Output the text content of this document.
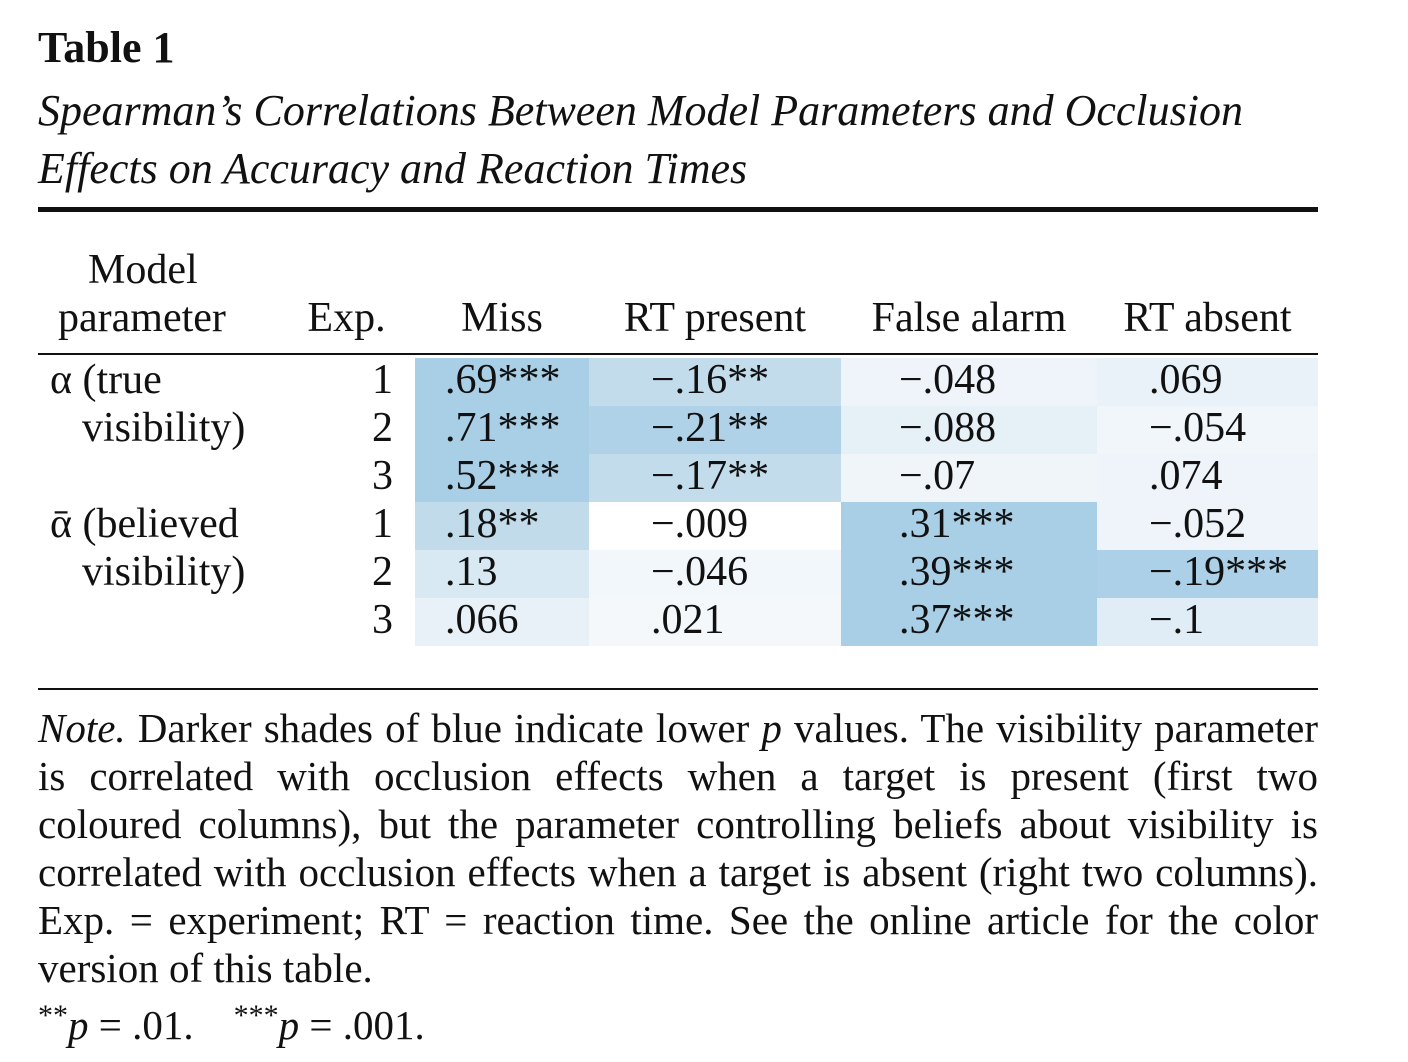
Table 1
Spearman’s Correlations Between Model Parameters and Occlusion Effects on Accuracy and Reaction Times
Model
parameter	Exp.	Miss	RT present	False alarm	RT absent

α (true	1	.69***	−.16**	−.048	.069

visibility)	2	.71***	−.21**	−.088	−.054

	3	.52***	−.17**	−.07	.074

ᾱ (believed	1	.18**	−.009	.31***	−.052

visibility)	2	.13	−.046	.39***	−.19***

	3	.066	.021	.37***	−.1
Note. Darker shades of blue indicate lower p values. The visibility parameter is correlated with occlusion effects when a target is present (first two coloured columns), but the parameter controlling beliefs about visibility is correlated with occlusion effects when a target is absent (right two columns). Exp. = experiment; RT = reaction time. See the online article for the color version of this table.
**p = .01. ***p = .001.
